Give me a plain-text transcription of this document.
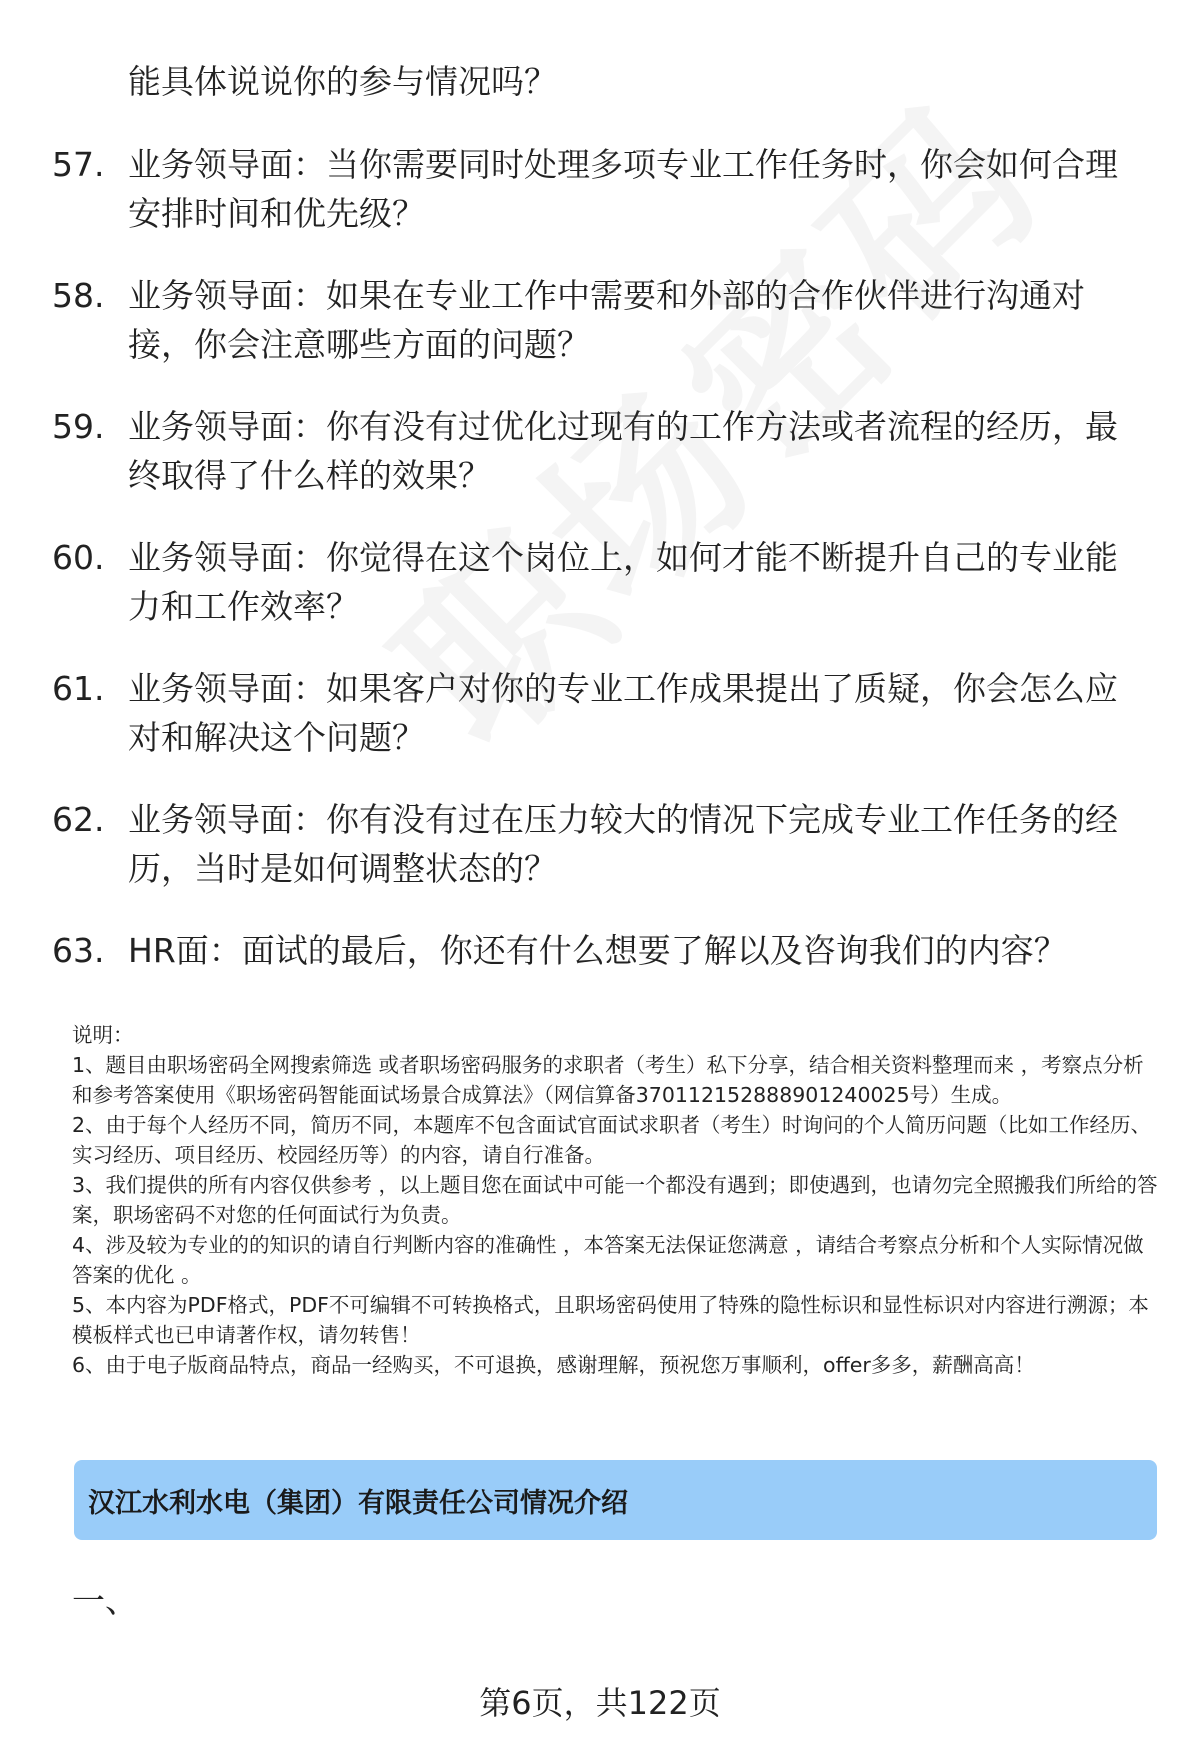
能具体说说你的参与情况吗？
57. 业务领导面：当你需要同时处理多项专业工作任务时，你会如何合理安排时间和优先级？
58. 业务领导面：如果在专业工作中需要和外部的合作伙伴进行沟通对接，你会注意哪些方面的问题？
59. 业务领导面：你有没有过优化过现有的工作方法或者流程的经历，最终取得了什么样的效果？
60. 业务领导面：你觉得在这个岗位上，如何才能不断提升自己的专业能力和工作效率？
61. 业务领导面：如果客户对你的专业工作成果提出了质疑，你会怎么应对和解决这个问题？
62. 业务领导面：你有没有过在压力较大的情况下完成专业工作任务的经历，当时是如何调整状态的？
63. HR面：面试的最后，你还有什么想要了解以及咨询我们的内容？

说明：

1、题目由职场密码全网搜索筛选 或者职场密码服务的求职者（考生）私下分享，结合相关资料整理而来 ，考察点分析和参考答案使用《职场密码智能面试场景合成算法》（网信算备370112152888901240025号）生成。

2、由于每个人经历不同，简历不同，本题库不包含面试官面试求职者（考生）时询问的个人简历问题（比如工作经历、实习经历、项目经历、校园经历等）的内容，请自行准备。

3、我们提供的所有内容仅供参考 ，以上题目您在面试中可能一个都没有遇到；即使遇到，也请勿完全照搬我们所给的答案，职场密码不对您的任何面试行为负责。

4、涉及较为专业的的知识的请自行判断内容的准确性 ，本答案无法保证您满意 ，请结合考察点分析和个人实际情况做答案的优化 。

5、本内容为PDF格式，PDF不可编辑不可转换格式，且职场密码使用了特殊的隐性标识和显性标识对内容进行溯源；本模板样式也已申请著作权，请勿转售！

6、由于电子版商品特点，商品一经购买，不可退换，感谢理解，预祝您万事顺利，offer多多，薪酬高高！

汉江水利水电（集团）有限责任公司情况介绍
一、
第6页，共122页
